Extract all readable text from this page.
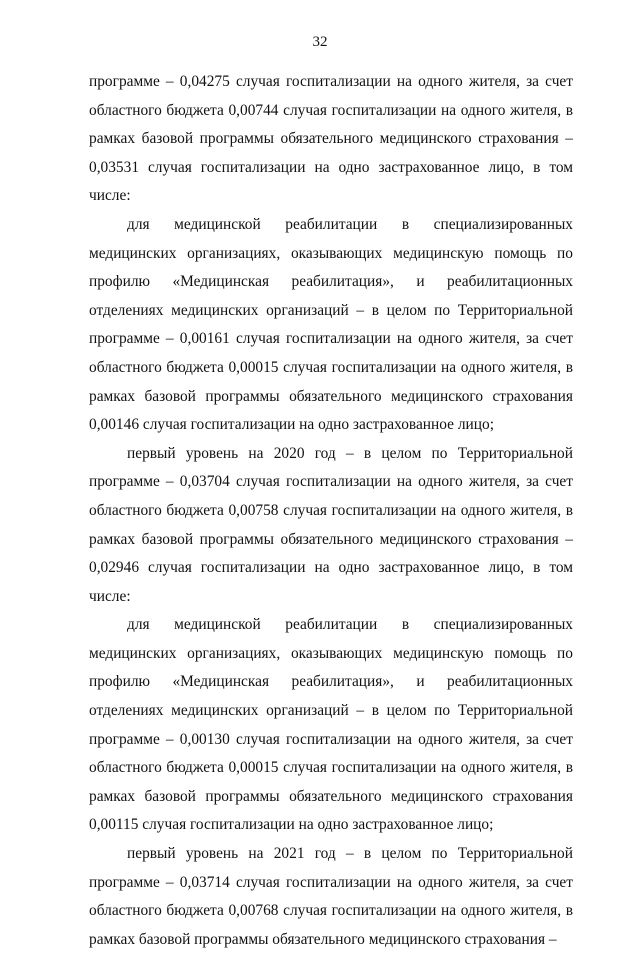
32

программе – 0,04275 случая госпитализации на одного жителя, за счет областного бюджета 0,00744 случая госпитализации на одного жителя, в рамках базовой программы обязательного медицинского страхования – 0,03531 случая госпитализации на одно застрахованное лицо, в том числе:

для медицинской реабилитации в специализированных медицинских организациях, оказывающих медицинскую помощь по профилю «Медицинская реабилитация», и реабилитационных отделениях медицинских организаций – в целом по Территориальной программе – 0,00161 случая госпитализации на одного жителя, за счет областного бюджета 0,00015 случая госпитализации на одного жителя, в рамках базовой программы обязательного медицинского страхования 0,00146 случая госпитализации на одно застрахованное лицо;

первый уровень на 2020 год – в целом по Территориальной программе – 0,03704 случая госпитализации на одного жителя, за счет областного бюджета 0,00758 случая госпитализации на одного жителя, в рамках базовой программы обязательного медицинского страхования – 0,02946 случая госпитализации на одно застрахованное лицо, в том числе:

для медицинской реабилитации в специализированных медицинских организациях, оказывающих медицинскую помощь по профилю «Медицинская реабилитация», и реабилитационных отделениях медицинских организаций – в целом по Территориальной программе – 0,00130 случая госпитализации на одного жителя, за счет областного бюджета 0,00015 случая госпитализации на одного жителя, в рамках базовой программы обязательного медицинского страхования 0,00115 случая госпитализации на одно застрахованное лицо;

первый уровень на 2021 год – в целом по Территориальной программе – 0,03714 случая госпитализации на одного жителя, за счет областного бюджета 0,00768 случая госпитализации на одного жителя, в рамках базовой программы обязательного медицинского страхования –
